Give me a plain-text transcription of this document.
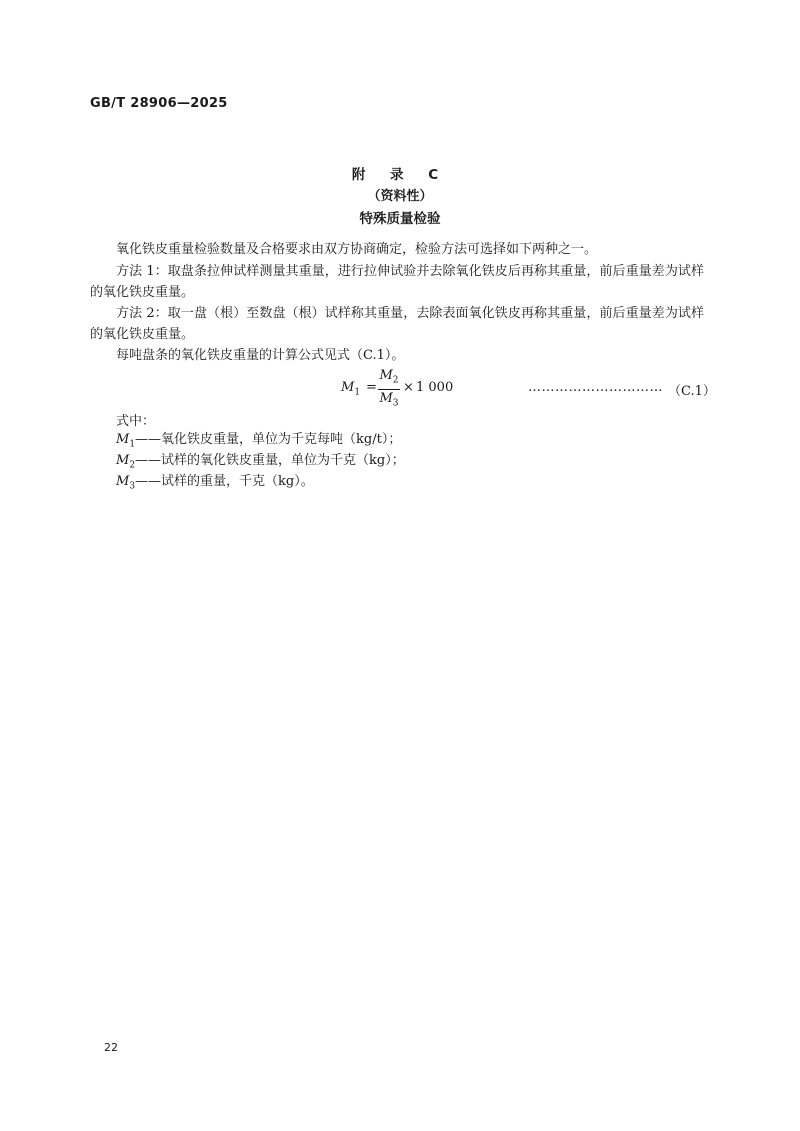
GB/T 28906—2025
附 录 C
（资料性）
特殊质量检验
氧化铁皮重量检验数量及合格要求由双方协商确定，检验方法可选择如下两种之一。
方法 1：取盘条拉伸试样测量其重量，进行拉伸试验并去除氧化铁皮后再称其重量，前后重量差为试样的氧化铁皮重量。
方法 2：取一盘（根）至数盘（根）试样称其重量，去除表面氧化铁皮再称其重量，前后重量差为试样的氧化铁皮重量。
每吨盘条的氧化铁皮重量的计算公式见式（C.1）。
$M_1 = \frac{M_2}{M_3} \times 1$ 000	………………………… （C.1）
式中：
$M_1——$氧化铁皮重量，单位为千克每吨（kg/t）；
$M_2——$试样的氧化铁皮重量，单位为千克（kg）；
$M_3——$试样的重量，千克（kg）。
22
